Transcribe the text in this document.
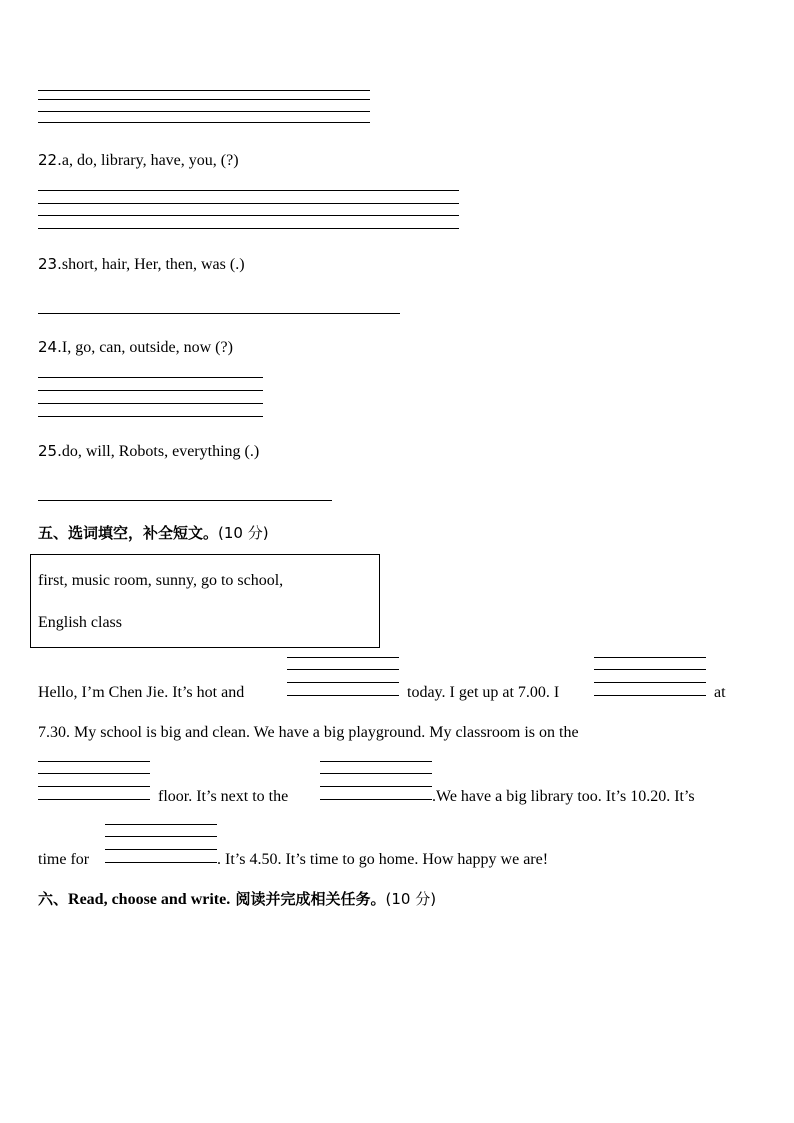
22.a, do, library, have, you, (?)
23.short, hair, Her, then, was (.)
24.I, go, can, outside, now (?)
25.do, will, Robots, everything (.)
五、选词填空，补全短文。(10 分)
first, music room, sunny, go to school,
English class
Hello, I’m Chen Jie. It’s hot and	today. I get up at 7.00. I	at
7.30. My school is big and clean. We have a big playground. My classroom is on the
floor. It’s next to the	.We have a big library too. It’s 10.20. It’s
time for	. It’s 4.50. It’s time to go home. How happy we are!
六、Read, choose and write. 阅读并完成相关任务。(10 分)
